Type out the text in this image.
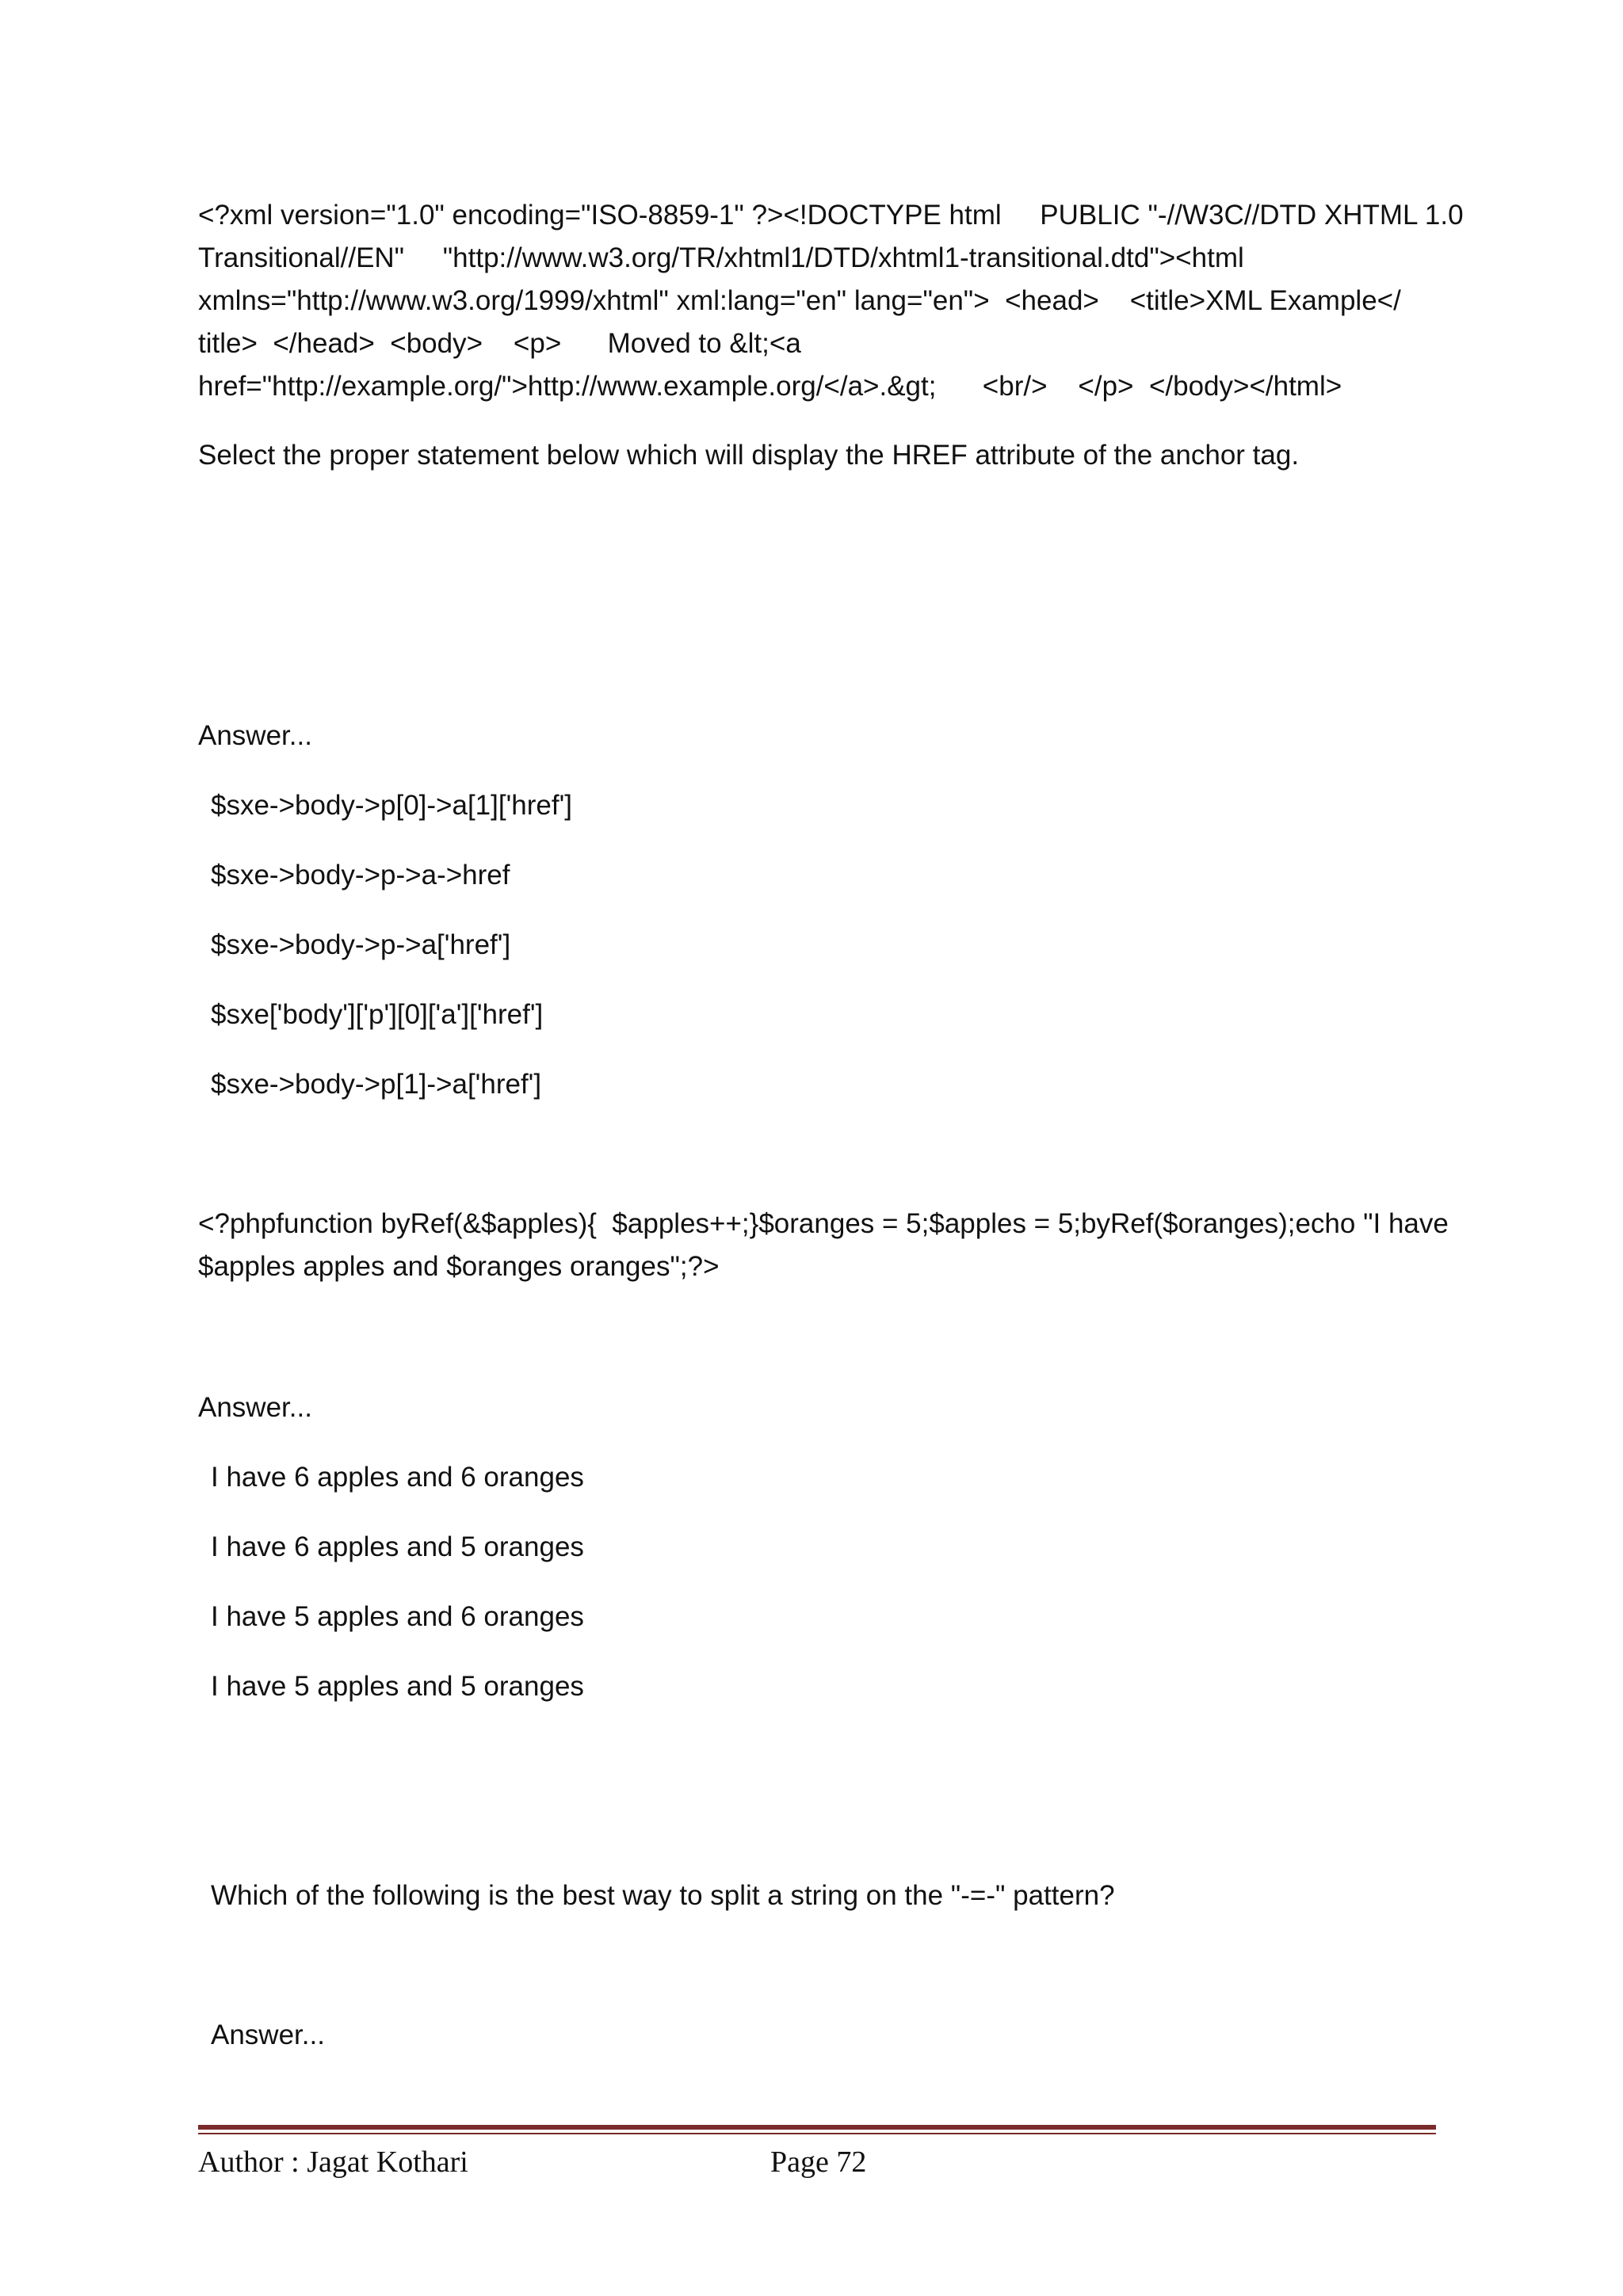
<?xml version="1.0" encoding="ISO-8859-1" ?><!DOCTYPE html     PUBLIC "-//W3C//DTD XHTML 1.0
Transitional//EN"     "http://www.w3.org/TR/xhtml1/DTD/xhtml1-transitional.dtd"><html
xmlns="http://www.w3.org/1999/xhtml" xml:lang="en" lang="en">  <head>    <title>XML Example</
title>  </head>  <body>    <p>      Moved to &lt;<a
href="http://example.org/">http://www.example.org/</a>.&gt;      <br/>    </p>  </body></html>
Select the proper statement below which will display the HREF attribute of the anchor tag.
Answer...
$sxe->body->p[0]->a[1]['href']
$sxe->body->p->a->href
$sxe->body->p->a['href']
$sxe['body']['p'][0]['a']['href']
$sxe->body->p[1]->a['href']
<?phpfunction byRef(&$apples){  $apples++;}$oranges = 5;$apples = 5;byRef($oranges);echo "I have
$apples apples and $oranges oranges";?>
Answer...
I have 6 apples and 6 oranges
I have 6 apples and 5 oranges
I have 5 apples and 6 oranges
I have 5 apples and 5 oranges
Which of the following is the best way to split a string on the "-=-" pattern?
Answer...
Author : Jagat Kothari	Page 72
